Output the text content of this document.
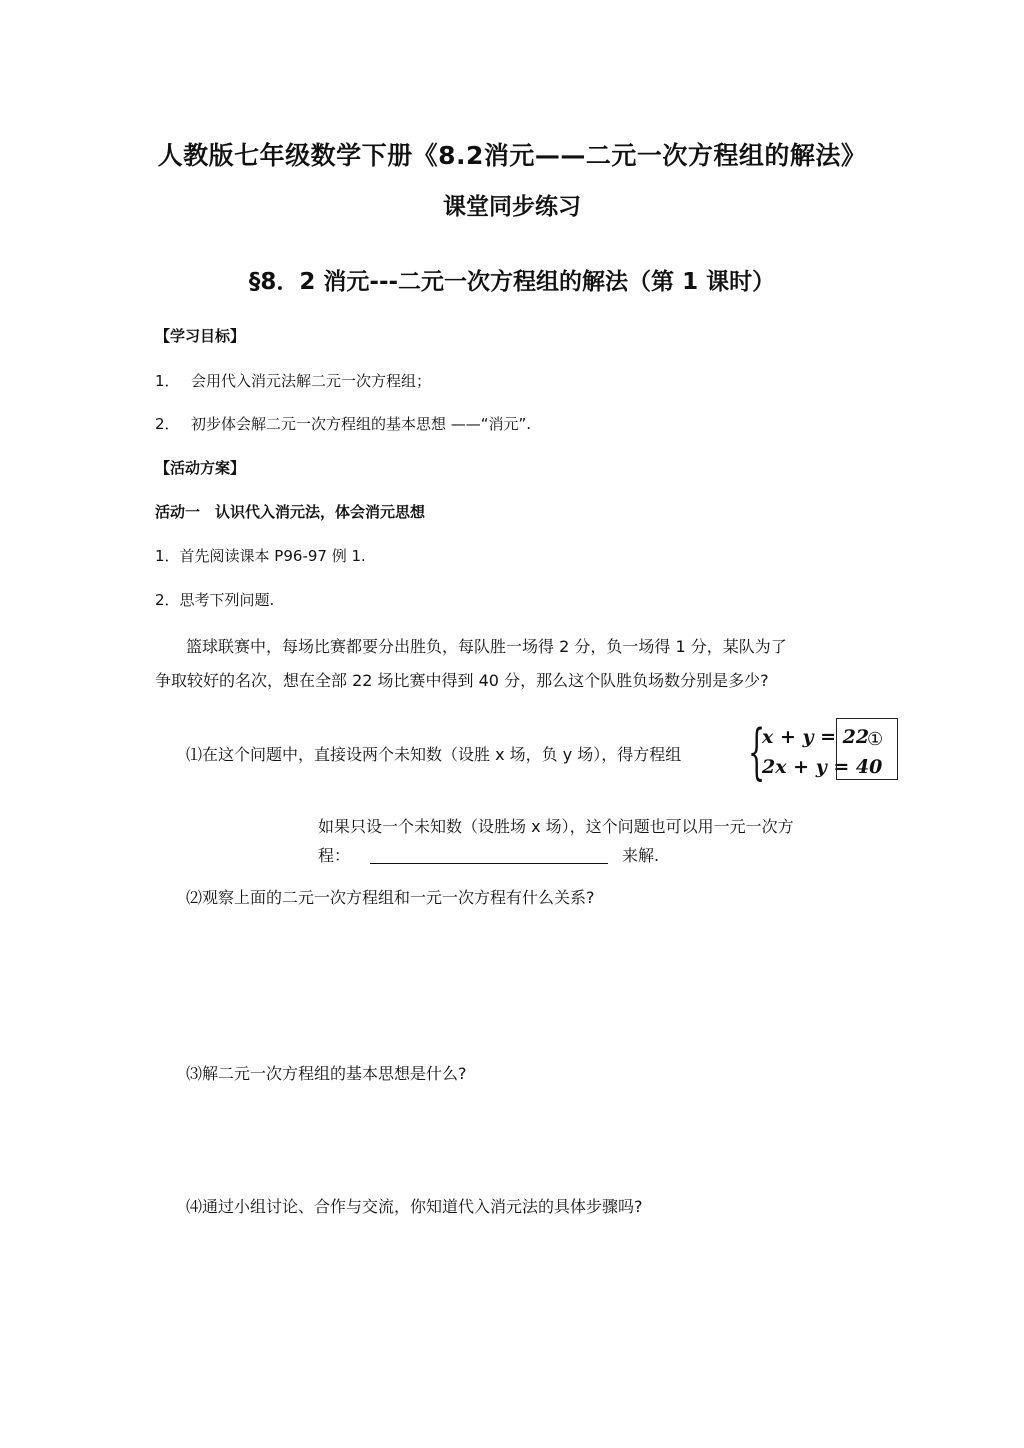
人教版七年级数学下册《8.2消元——二元一次方程组的解法》
课堂同步练习
§8．2 消元---二元一次方程组的解法（第 1 课时）
【学习目标】
1． 会用代入消元法解二元一次方程组；
2． 初步体会解二元一次方程组的基本思想 ——“消元”.
【活动方案】
活动一　认识代入消元法，体会消元思想
1．首先阅读课本 P96-97 例 1.
2．思考下列问题.
篮球联赛中，每场比赛都要分出胜负，每队胜一场得 2 分，负一场得 1 分，某队为了
争取较好的名次，想在全部 22 场比赛中得到 40 分，那么这个队胜负场数分别是多少?
⑴在这个问题中，直接设两个未知数（设胜 x 场，负 y 场），得方程组 {
x + y = 22
2x + y = 40
①
如果只设一个未知数（设胜场 x 场），这个问题也可以用一元一次方
程：	来解.
⑵观察上面的二元一次方程组和一元一次方程有什么关系?
⑶解二元一次方程组的基本思想是什么?
⑷通过小组讨论、合作与交流，你知道代入消元法的具体步骤吗?
